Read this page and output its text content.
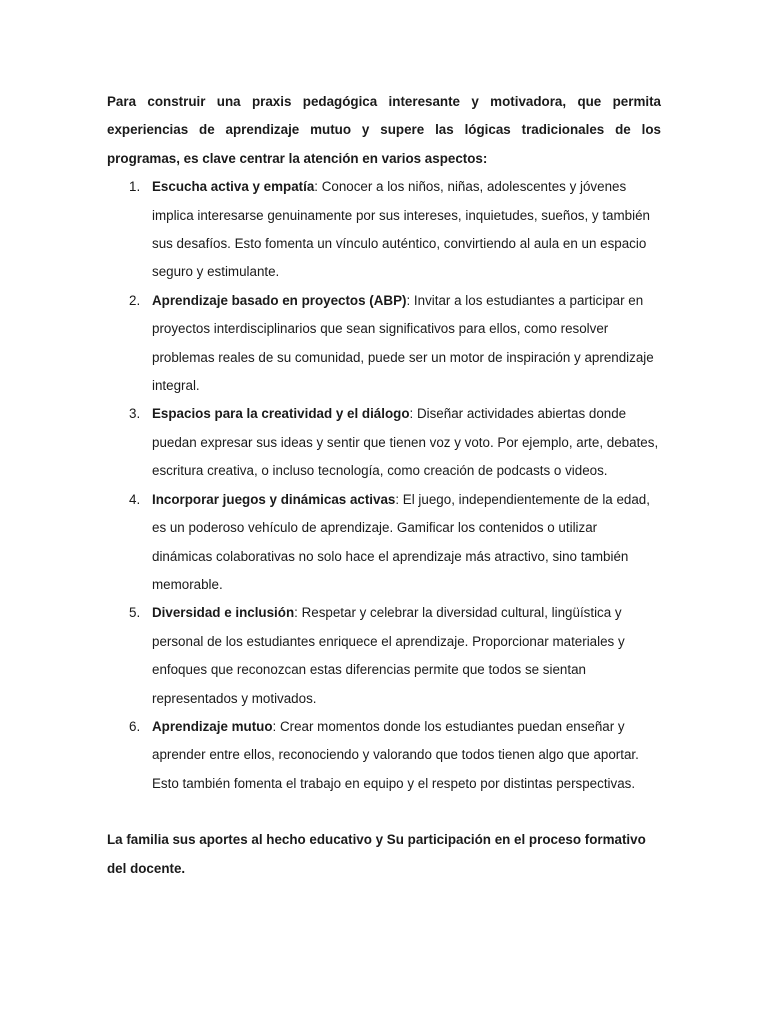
Para construir una praxis pedagógica interesante y motivadora, que permita experiencias de aprendizaje mutuo y supere las lógicas tradicionales de los programas, es clave centrar la atención en varios aspectos:

1. Escucha activa y empatía: Conocer a los niños, niñas, adolescentes y jóvenes implica interesarse genuinamente por sus intereses, inquietudes, sueños, y también sus desafíos. Esto fomenta un vínculo auténtico, convirtiendo al aula en un espacio seguro y estimulante.
2. Aprendizaje basado en proyectos (ABP): Invitar a los estudiantes a participar en proyectos interdisciplinarios que sean significativos para ellos, como resolver problemas reales de su comunidad, puede ser un motor de inspiración y aprendizaje integral.
3. Espacios para la creatividad y el diálogo: Diseñar actividades abiertas donde puedan expresar sus ideas y sentir que tienen voz y voto. Por ejemplo, arte, debates, escritura creativa, o incluso tecnología, como creación de podcasts o videos.
4. Incorporar juegos y dinámicas activas: El juego, independientemente de la edad, es un poderoso vehículo de aprendizaje. Gamificar los contenidos o utilizar dinámicas colaborativas no solo hace el aprendizaje más atractivo, sino también memorable.
5. Diversidad e inclusión: Respetar y celebrar la diversidad cultural, lingüística y personal de los estudiantes enriquece el aprendizaje. Proporcionar materiales y enfoques que reconozcan estas diferencias permite que todos se sientan representados y motivados.
6. Aprendizaje mutuo: Crear momentos donde los estudiantes puedan enseñar y aprender entre ellos, reconociendo y valorando que todos tienen algo que aportar. Esto también fomenta el trabajo en equipo y el respeto por distintas perspectivas.

La familia sus aportes al hecho educativo y Su participación en el proceso formativo del docente.
